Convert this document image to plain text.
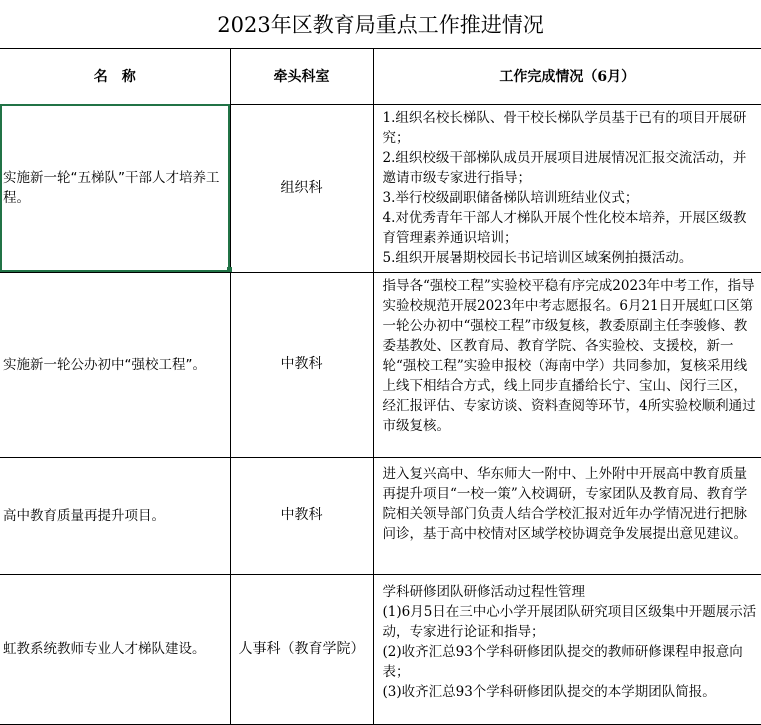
2023年区教育局重点工作推进情况
名　称	牵头科室	工作完成情况（6月）
实施新一轮“五梯队”干部人才培养工程。	组织科	1.组织名校长梯队、骨干校长梯队学员基于已有的项目开展研究；
2.组织校级干部梯队成员开展项目进展情况汇报交流活动，并邀请市级专家进行指导；
3.举行校级副职储备梯队培训班结业仪式；
4.对优秀青年干部人才梯队开展个性化校本培养，开展区级教育管理素养通识培训；
5.组织开展暑期校园长书记培训区域案例拍摄活动。

实施新一轮公办初中“强校工程”。	中教科	指导各“强校工程”实验校平稳有序完成2023年中考工作，指导实验校规范开展2023年中考志愿报名。6月21日开展虹口区第一轮公办初中“强校工程”市级复核，教委原副主任李骏修、教委基教处、区教育局、教育学院、各实验校、支援校，新一轮“强校工程”实验申报校（海南中学）共同参加，复核采用线上线下相结合方式，线上同步直播给长宁、宝山、闵行三区，经汇报评估、专家访谈、资料查阅等环节，4所实验校顺利通过市级复核。

高中教育质量再提升项目。	中教科	进入复兴高中、华东师大一附中、上外附中开展高中教育质量再提升项目“一校一策”入校调研，专家团队及教育局、教育学院相关领导部门负责人结合学校汇报对近年办学情况进行把脉问诊，基于高中校情对区域学校协调竞争发展提出意见建议。

虹教系统教师专业人才梯队建设。	人事科（教育学院）	学科研修团队研修活动过程性管理
(1)6月5日在三中心小学开展团队研究项目区级集中开题展示活动，专家进行论证和指导；
(2)收齐汇总93个学科研修团队提交的教师研修课程申报意向表；
(3)收齐汇总93个学科研修团队提交的本学期团队简报。
